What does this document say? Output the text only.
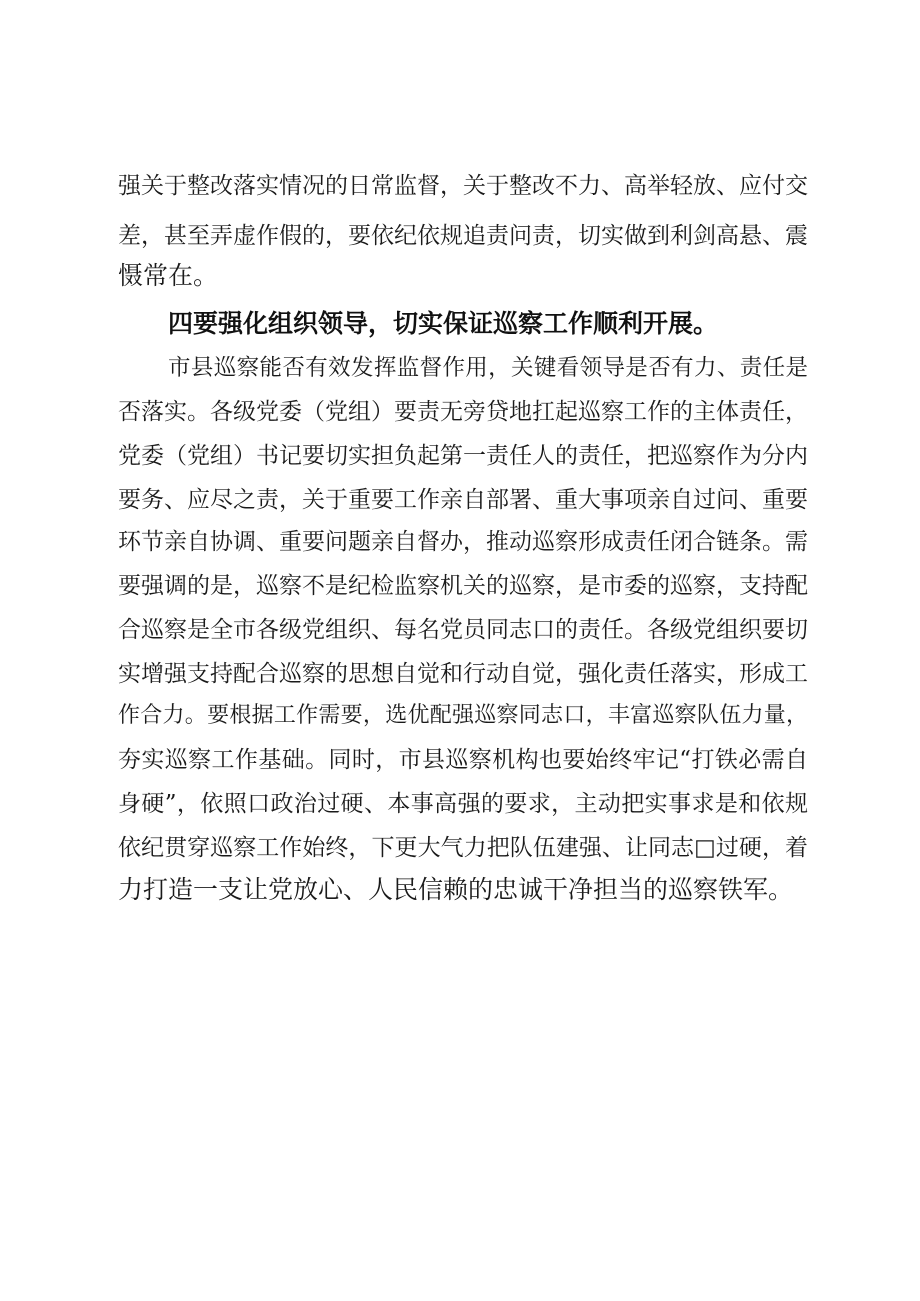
强关于整改落实情况的日常监督，关于整改不力、高举轻放、应付交
差，甚至弄虚作假的，要依纪依规追责问责，切实做到利剑高悬、震
慑常在。
四要强化组织领导，切实保证巡察工作顺利开展。
市县巡察能否有效发挥监督作用，关键看领导是否有力、责任是
否落实。各级党委（党组）要责无旁贷地扛起巡察工作的主体责任，
党委（党组）书记要切实担负起第一责任人的责任，把巡察作为分内
要务、应尽之责，关于重要工作亲自部署、重大事项亲自过问、重要
环节亲自协调、重要问题亲自督办，推动巡察形成责任闭合链条。需
要强调的是，巡察不是纪检监察机关的巡察，是市委的巡察，支持配
合巡察是全市各级党组织、每名党员同志口的责任。各级党组织要切
实增强支持配合巡察的思想自觉和行动自觉，强化责任落实，形成工
作合力。要根据工作需要，选优配强巡察同志口，丰富巡察队伍力量，
夯实巡察工作基础。同时，市县巡察机构也要始终牢记“打铁必需自
身硬”，依照口政治过硬、本事高强的要求，主动把实事求是和依规
依纪贯穿巡察工作始终，下更大气力把队伍建强、让同志□过硬，着
力打造一支让党放心、人民信赖的忠诚干净担当的巡察铁军。
